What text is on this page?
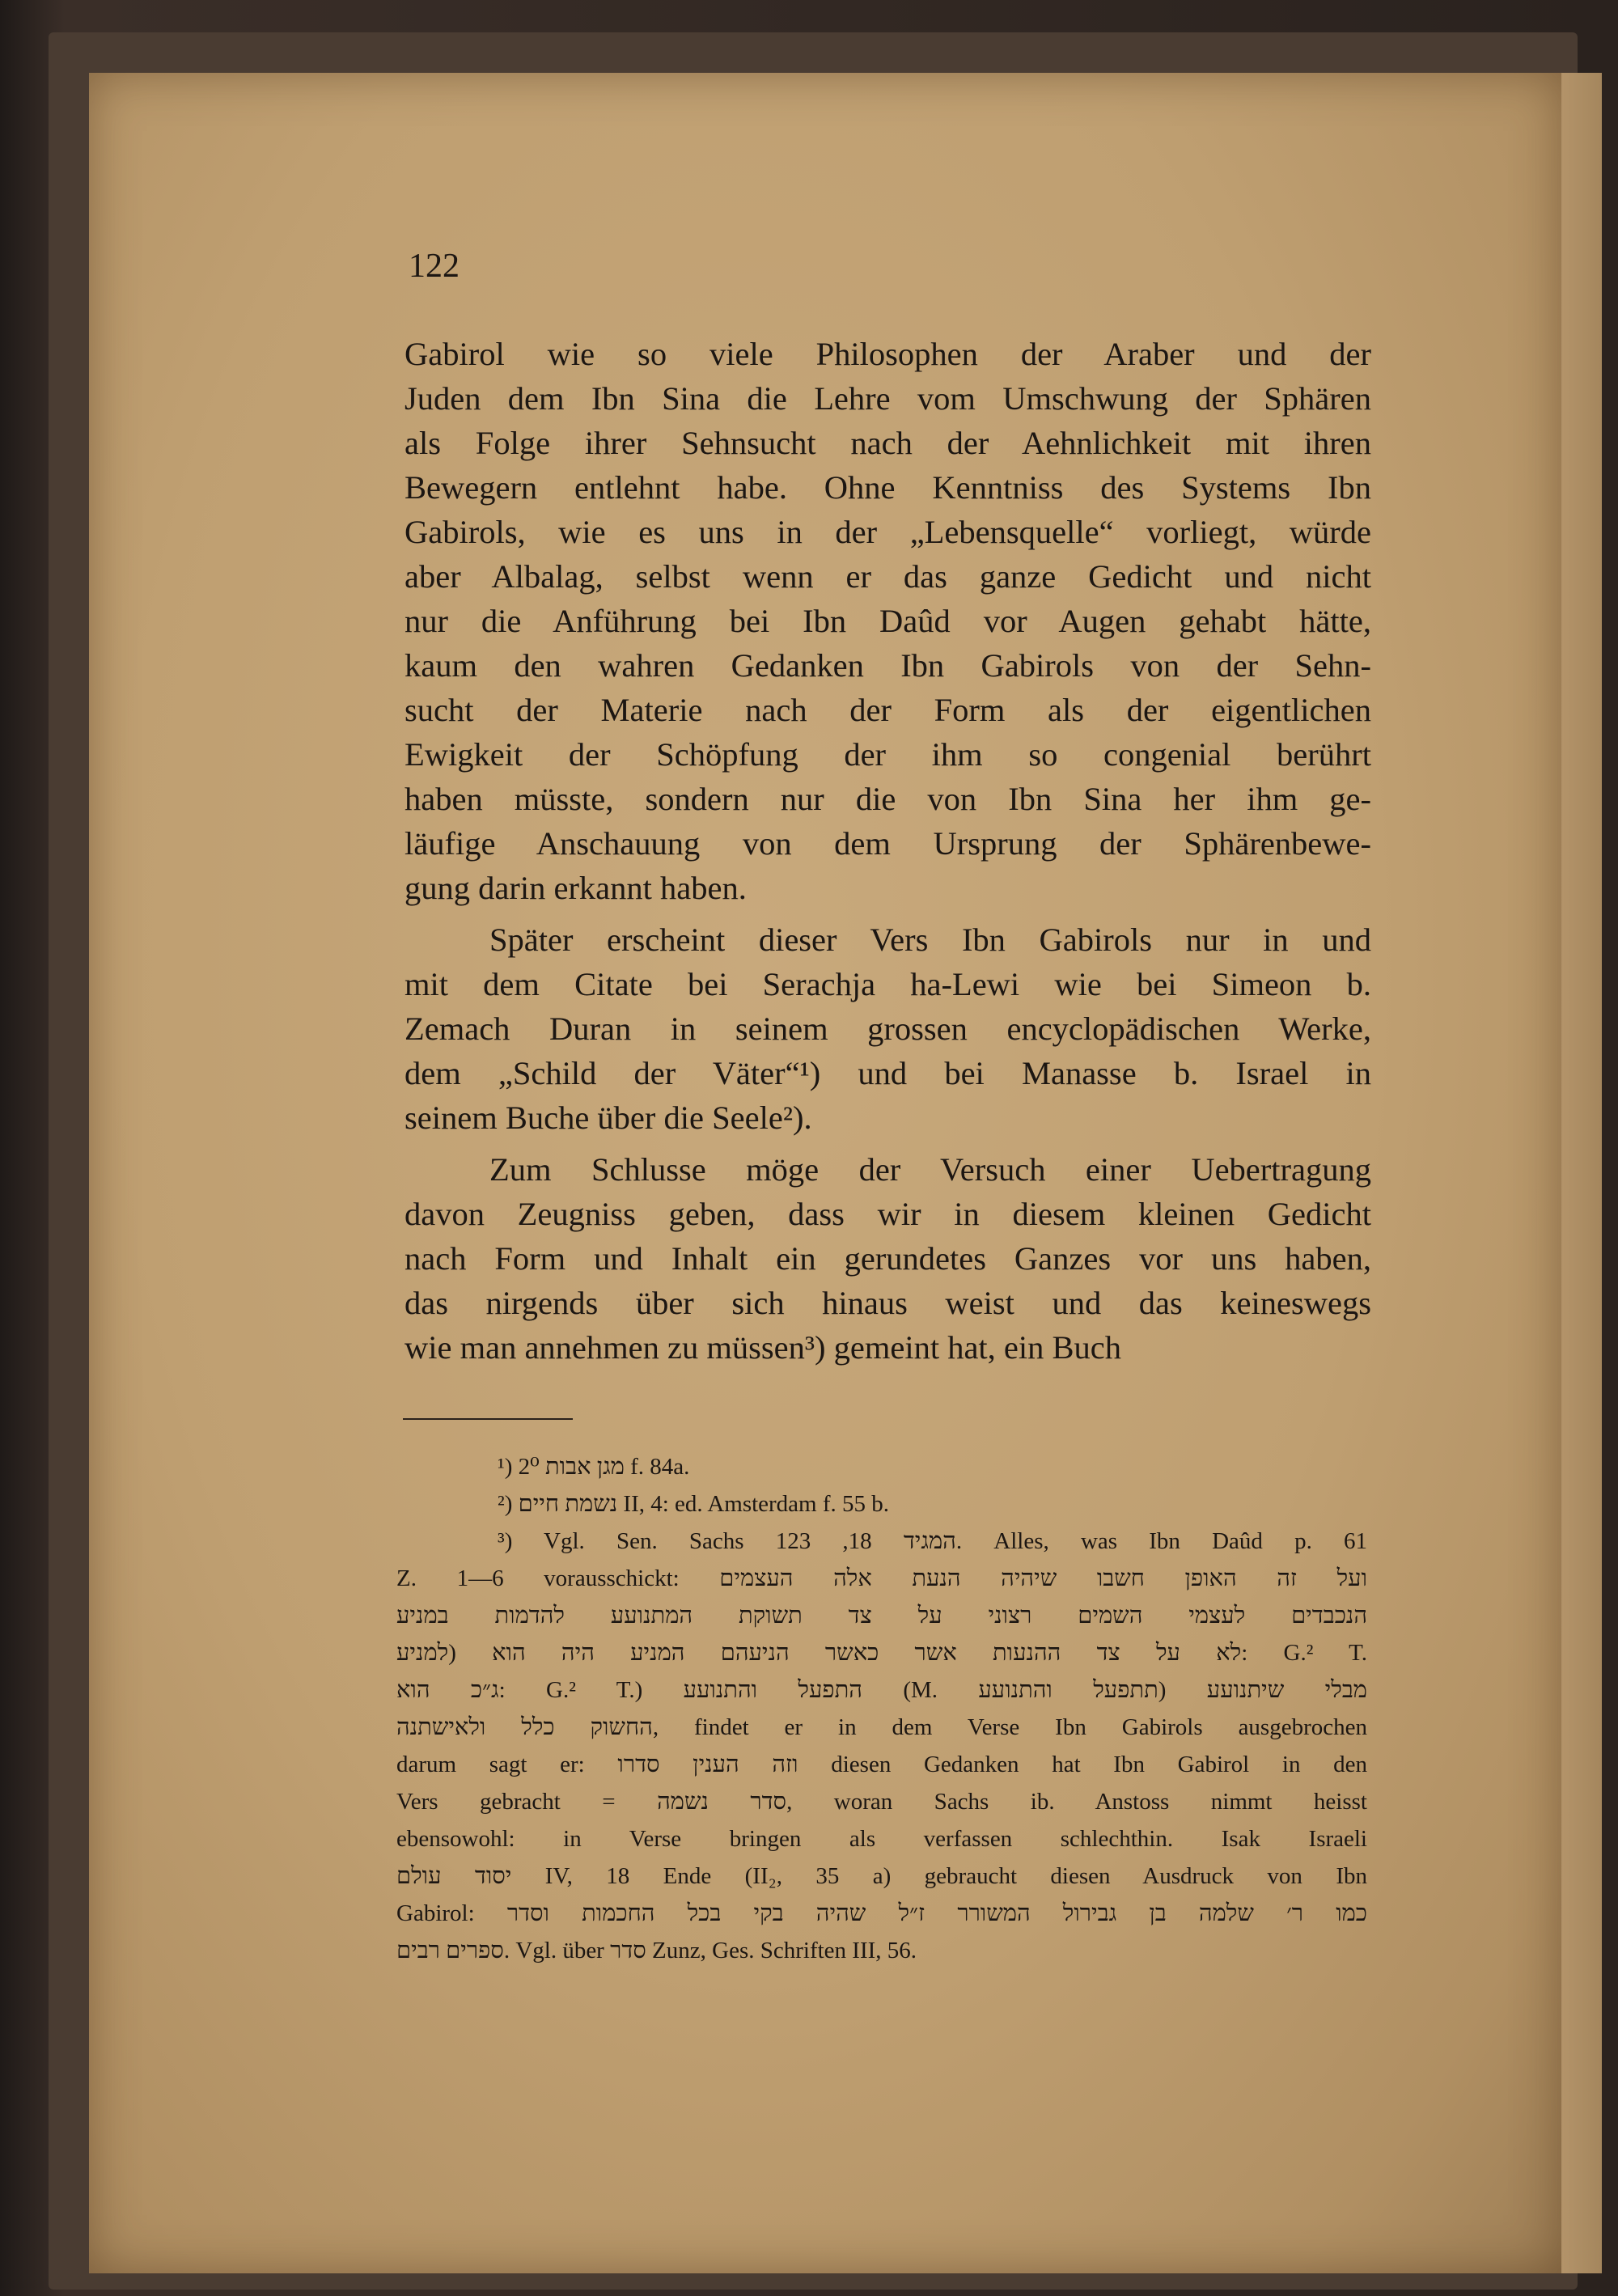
122
Gabirol wie so viele Philosophen der Araber und der
Juden dem Ibn Sina die Lehre vom Umschwung der Sphären
als Folge ihrer Sehnsucht nach der Aehnlichkeit mit ihren
Bewegern entlehnt habe. Ohne Kenntniss des Systems Ibn
Gabirols, wie es uns in der „Lebensquelle“ vorliegt, würde
aber Albalag, selbst wenn er das ganze Gedicht und nicht
nur die Anführung bei Ibn Daûd vor Augen gehabt hätte,
kaum den wahren Gedanken Ibn Gabirols von der Sehn-
sucht der Materie nach der Form als der eigentlichen
Ewigkeit der Schöpfung der ihm so congenial berührt
haben müsste, sondern nur die von Ibn Sina her ihm ge-
läufige Anschauung von dem Ursprung der Sphärenbewe-
gung darin erkannt haben.
Später erscheint dieser Vers Ibn Gabirols nur in und
mit dem Citate bei Serachja ha-Lewi wie bei Simeon b.
Zemach Duran in seinem grossen encyclopädischen Werke,
dem „Schild der Väter“¹) und bei Manasse b. Israel in
seinem Buche über die Seele²).
Zum Schlusse möge der Versuch einer Uebertragung
davon Zeugniss geben, dass wir in diesem kleinen Gedicht
nach Form und Inhalt ein gerundetes Ganzes vor uns haben,
das nirgends über sich hinaus weist und das keineswegs
wie man annehmen zu müssen³) gemeint hat, ein Buch
¹) מגן אבות 2⁰ f. 84a.
²) נשמת חיים II, 4: ed. Amsterdam f. 55 b.
³) Vgl. Sen. Sachs המגיד 18, 123. Alles, was Ibn Daûd p. 61
Z. 1—6 vorausschickt: ועל זה האופן חשבו שיהיה הנעת אלה העצמים
הנכבדים לעצמי השמים רצוני על צד תשוקת המתנועע להדמות במניע
לא על צד ההנעות אשר כאשר הניעהם המניע היה הוא (למניע: G.² T.
ג״כ הוא: G.² T.) התפעל והתנועע (M. תתפעל והתנועע) מבלי שיתנועע
החשוק כלל ולאישתנה, findet er in dem Verse Ibn Gabirols ausgebrochen
darum sagt er: וזה הענין סדרו diesen Gedanken hat Ibn Gabirol in den
Vers gebracht = סדר נשמה, woran Sachs ib. Anstoss nimmt heisst
ebensowohl: in Verse bringen als verfassen schlechthin. Isak Israeli
יסוד עולם IV, 18 Ende (II₂, 35 a) gebraucht diesen Ausdruck von Ibn
Gabirol: כמו ר׳ שלמה בן גבירול המשורר ז״ל שהיה בקי בכל החכמות וסדר
ספרים רבים. Vgl. über סדר Zunz, Ges. Schriften III, 56.
